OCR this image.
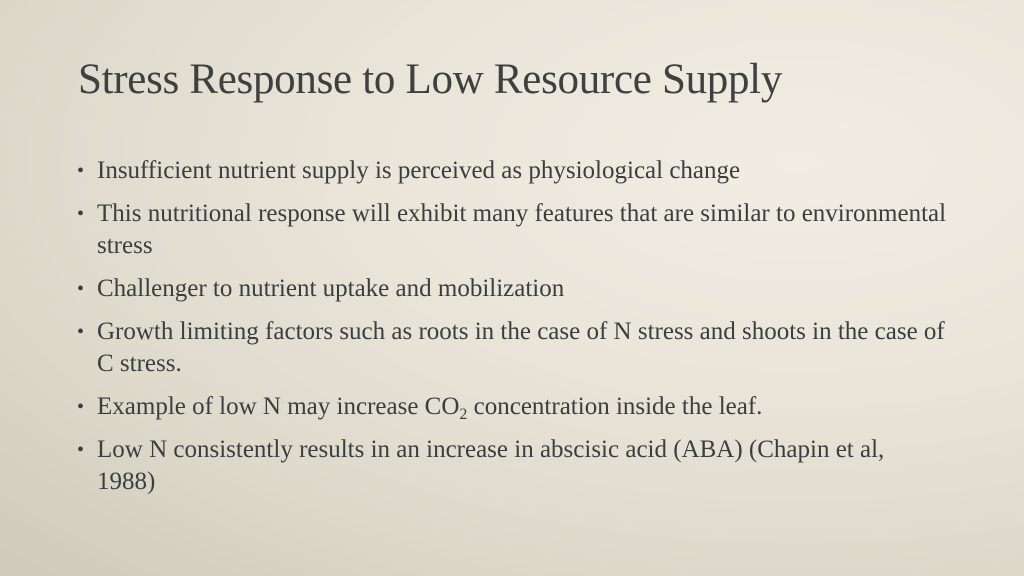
Stress Response to Low Resource Supply
• Insufficient nutrient supply is perceived as physiological change
• This nutritional response will exhibit many features that are similar to environmental stress
• Challenger to nutrient uptake and mobilization
• Growth limiting factors such as roots in the case of N stress and shoots in the case of C stress.
• Example of low N may increase $CO_2$ concentration inside the leaf.
• Low N consistently results in an increase in abscisic acid (ABA) (Chapin et al, 1988)
